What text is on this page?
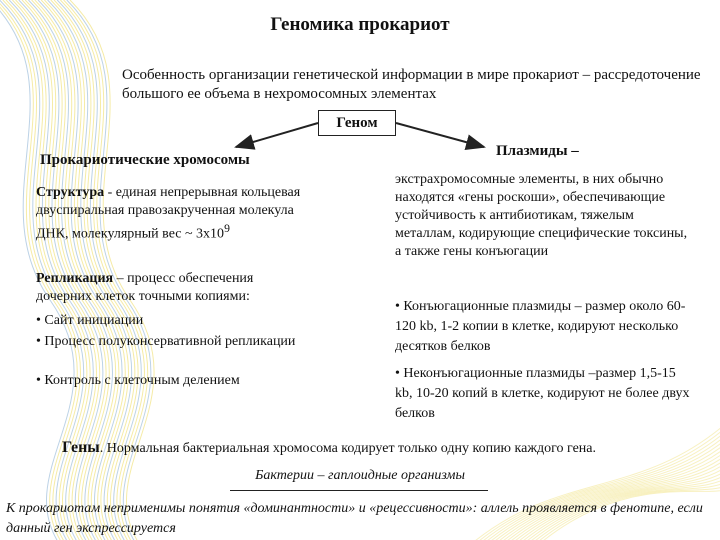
Геномика прокариот
Особенность организации генетической информации в мире прокариот – рассредоточение большого ее объема в нехромосомных элементах
Геном
Прокариотические хромосомы
Плазмиды –
Структура - единая непрерывная кольцевая двуспиральная правозакрученная молекула ДНК, молекулярный вес ~ $3x10^9$
Репликация – процесс обеспечения дочерних клеток точными копиями:
• Сайт инициации
• Процесс полуконсервативной репликации
• Контроль с клеточным делением
экстрахромосомные элементы, в них обычно находятся «гены роскоши», обеспечивающие устойчивость к антибиотикам, тяжелым металлам, кодирующие специфические токсины, а также гены конъюгации
• Конъюгационные плазмиды – размер около 60-120 kb, 1-2 копии в клетке, кодируют несколько десятков белков
• Неконъюгационные плазмиды –размер 1,5-15 kb, 10-20 копий в клетке, кодируют не более двух белков
Гены. Нормальная бактериальная хромосома кодирует только одну копию каждого гена.
Бактерии – гаплоидные организмы
К прокариотам неприменимы понятия «доминантности» и «рецессивности»: аллель проявляется в фенотипе, если данный ген экспрессируется
